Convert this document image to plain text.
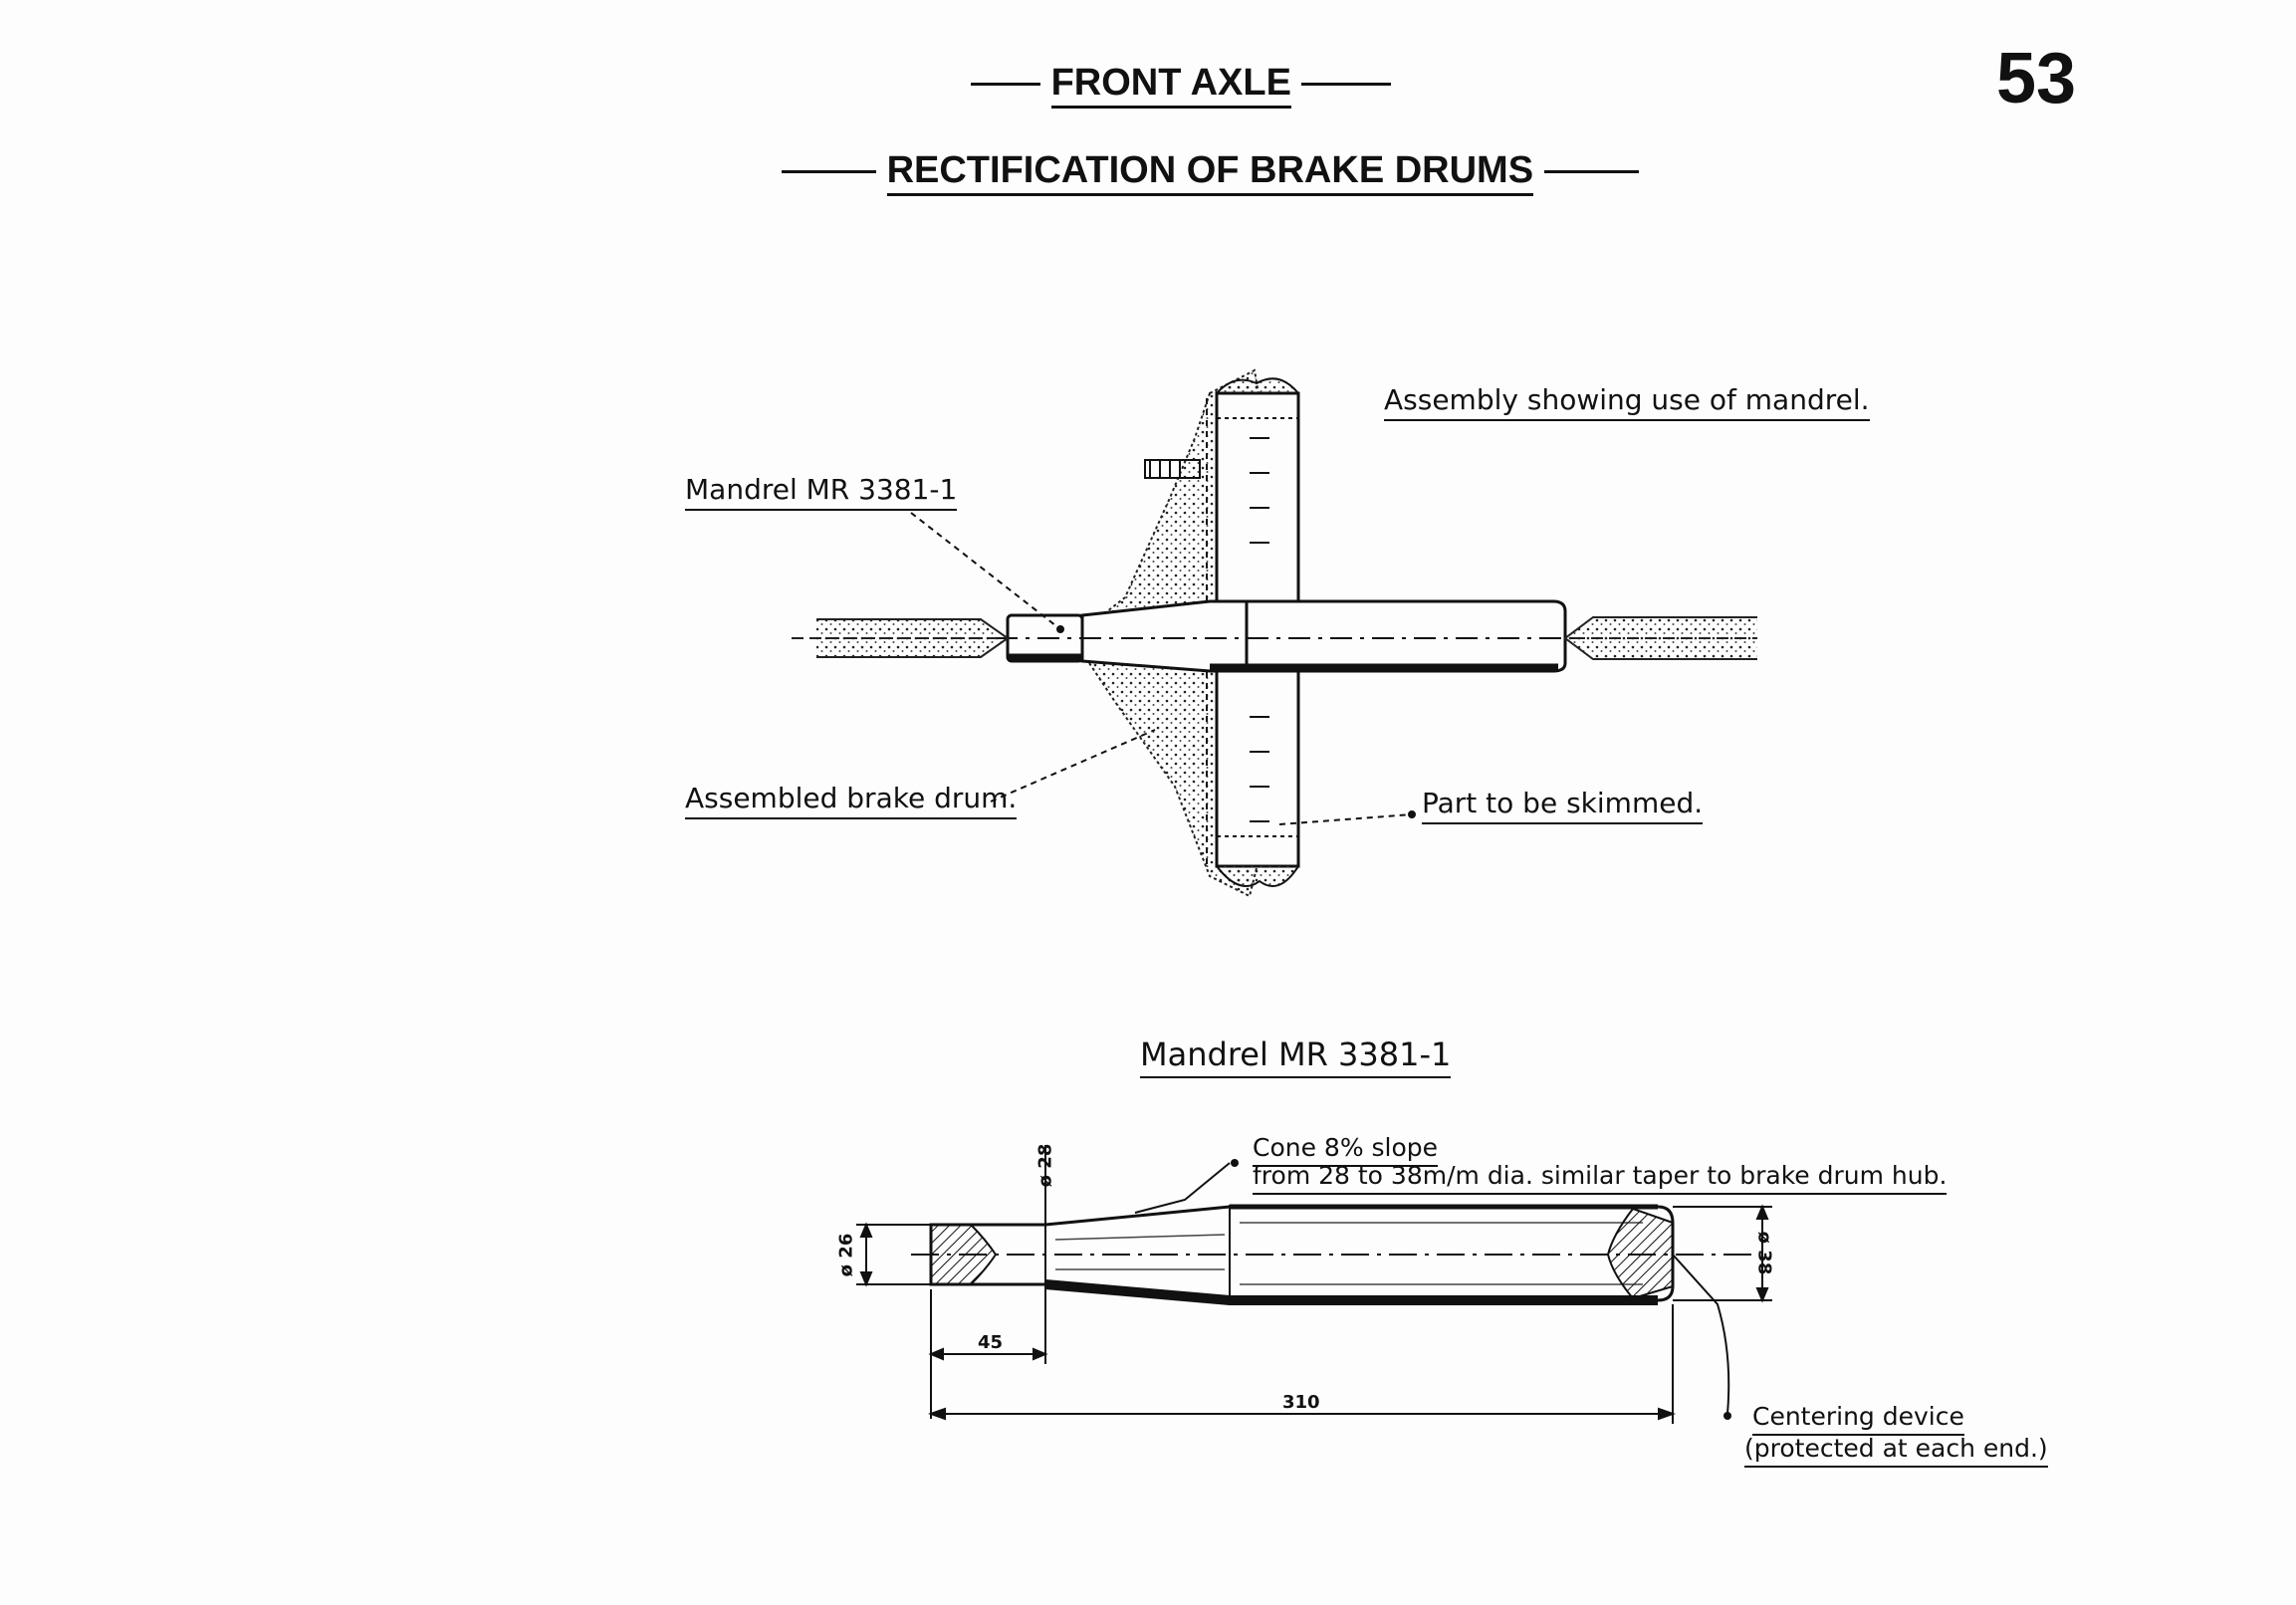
FRONT AXLE
RECTIFICATION OF BRAKE DRUMS
53
Assembly showing use of mandrel.
Mandrel MR 3381-1
Assembled brake drum.	Part to be skimmed.
Mandrel MR 3381-1
Cone 8% slope
from 28 to 38m/m dia. similar taper to brake drum hub.
Centering device
(protected at each end.)
ø 26
ø 28
ø 38
45
310
